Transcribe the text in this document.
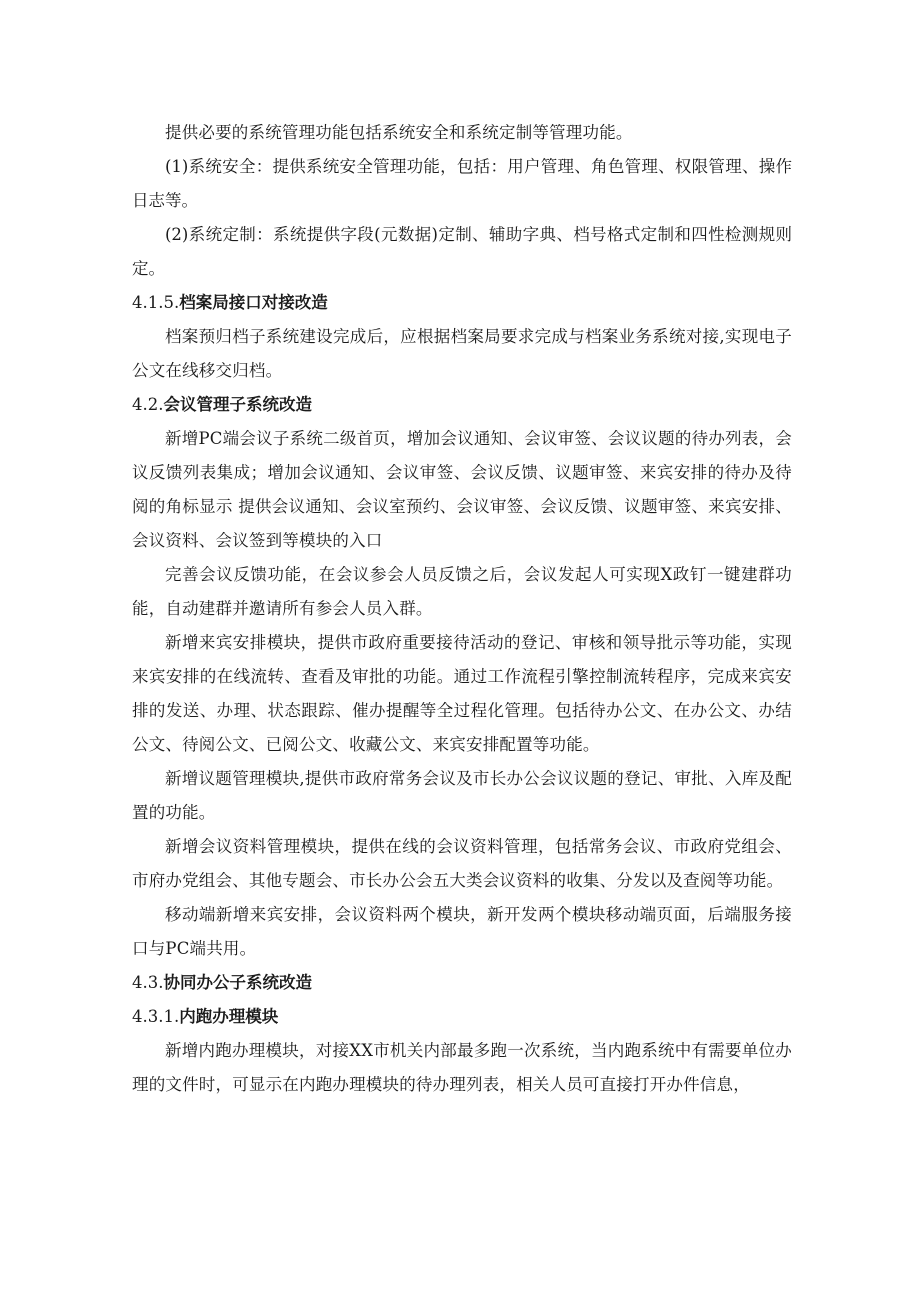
提供必要的系统管理功能包括系统安全和系统定制等管理功能。

(1)系统安全：提供系统安全管理功能，包括：用户管理、角色管理、权限管理、操作日志等。

(2)系统定制：系统提供字段(元数据)定制、辅助字典、档号格式定制和四性检测规则定。

4.1.5.档案局接口对接改造

档案预归档子系统建设完成后，应根据档案局要求完成与档案业务系统对接,实现电子公文在线移交归档。

4.2.会议管理子系统改造

新增PC端会议子系统二级首页，增加会议通知、会议审签、会议议题的待办列表，会议反馈列表集成；增加会议通知、会议审签、会议反馈、议题审签、来宾安排的待办及待阅的角标显示 提供会议通知、会议室预约、会议审签、会议反馈、议题审签、来宾安排、会议资料、会议签到等模块的入口

完善会议反馈功能，在会议参会人员反馈之后，会议发起人可实现X政钉一键建群功能，自动建群并邀请所有参会人员入群。

新增来宾安排模块，提供市政府重要接待活动的登记、审核和领导批示等功能，实现来宾安排的在线流转、查看及审批的功能。通过工作流程引擎控制流转程序，完成来宾安排的发送、办理、状态跟踪、催办提醒等全过程化管理。包括待办公文、在办公文、办结公文、待阅公文、已阅公文、收藏公文、来宾安排配置等功能。

新增议题管理模块,提供市政府常务会议及市长办公会议议题的登记、审批、入库及配置的功能。

新增会议资料管理模块，提供在线的会议资料管理，包括常务会议、市政府党组会、市府办党组会、其他专题会、市长办公会五大类会议资料的收集、分发以及查阅等功能。

移动端新增来宾安排，会议资料两个模块，新开发两个模块移动端页面，后端服务接口与PC端共用。

4.3.协同办公子系统改造

4.3.1.内跑办理模块

新增内跑办理模块，对接XX市机关内部最多跑一次系统，当内跑系统中有需要单位办理的文件时，可显示在内跑办理模块的待办理列表，相关人员可直接打开办件信息，
